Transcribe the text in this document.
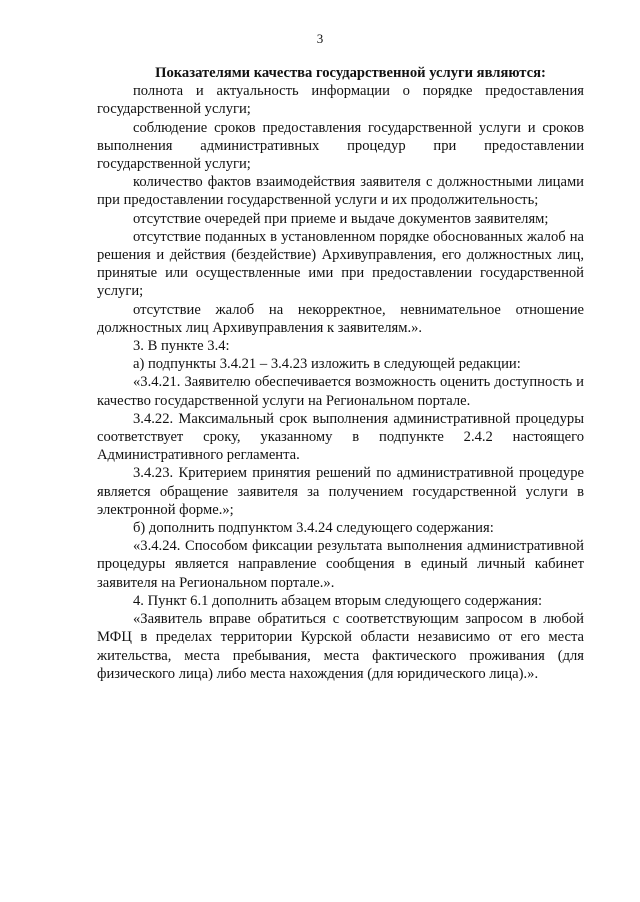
3

Показателями качества государственной услуги являются:

полнота и актуальность информации о порядке предоставления государственной услуги;

соблюдение сроков предоставления государственной услуги и сроков выполнения административных процедур при предоставлении государственной услуги;

количество фактов взаимодействия заявителя с должностными лицами при предоставлении государственной услуги и их продолжительность;

отсутствие очередей при приеме и выдаче документов заявителям;

отсутствие поданных в установленном порядке обоснованных жалоб на решения и действия (бездействие) Архивуправления, его должностных лиц, принятые или осуществленные ими при предоставлении государственной услуги;

отсутствие жалоб на некорректное, невнимательное отношение должностных лиц Архивуправления к заявителям.».

3. В пункте 3.4:

а) подпункты 3.4.21 – 3.4.23 изложить в следующей редакции:

«3.4.21. Заявителю обеспечивается возможность оценить доступность и качество государственной услуги на Региональном портале.

3.4.22. Максимальный срок выполнения административной процедуры соответствует сроку, указанному в подпункте 2.4.2 настоящего Административного регламента.

3.4.23. Критерием принятия решений по административной процедуре является обращение заявителя за получением государственной услуги в электронной форме.»;

б) дополнить подпунктом 3.4.24 следующего содержания:

«3.4.24. Способом фиксации результата выполнения административной процедуры является направление сообщения в единый личный кабинет заявителя на Региональном портале.».

4. Пункт 6.1 дополнить абзацем вторым следующего содержания:

«Заявитель вправе обратиться с соответствующим запросом в любой МФЦ в пределах территории Курской области независимо от его места жительства, места пребывания, места фактического проживания (для физического лица) либо места нахождения (для юридического лица).».
